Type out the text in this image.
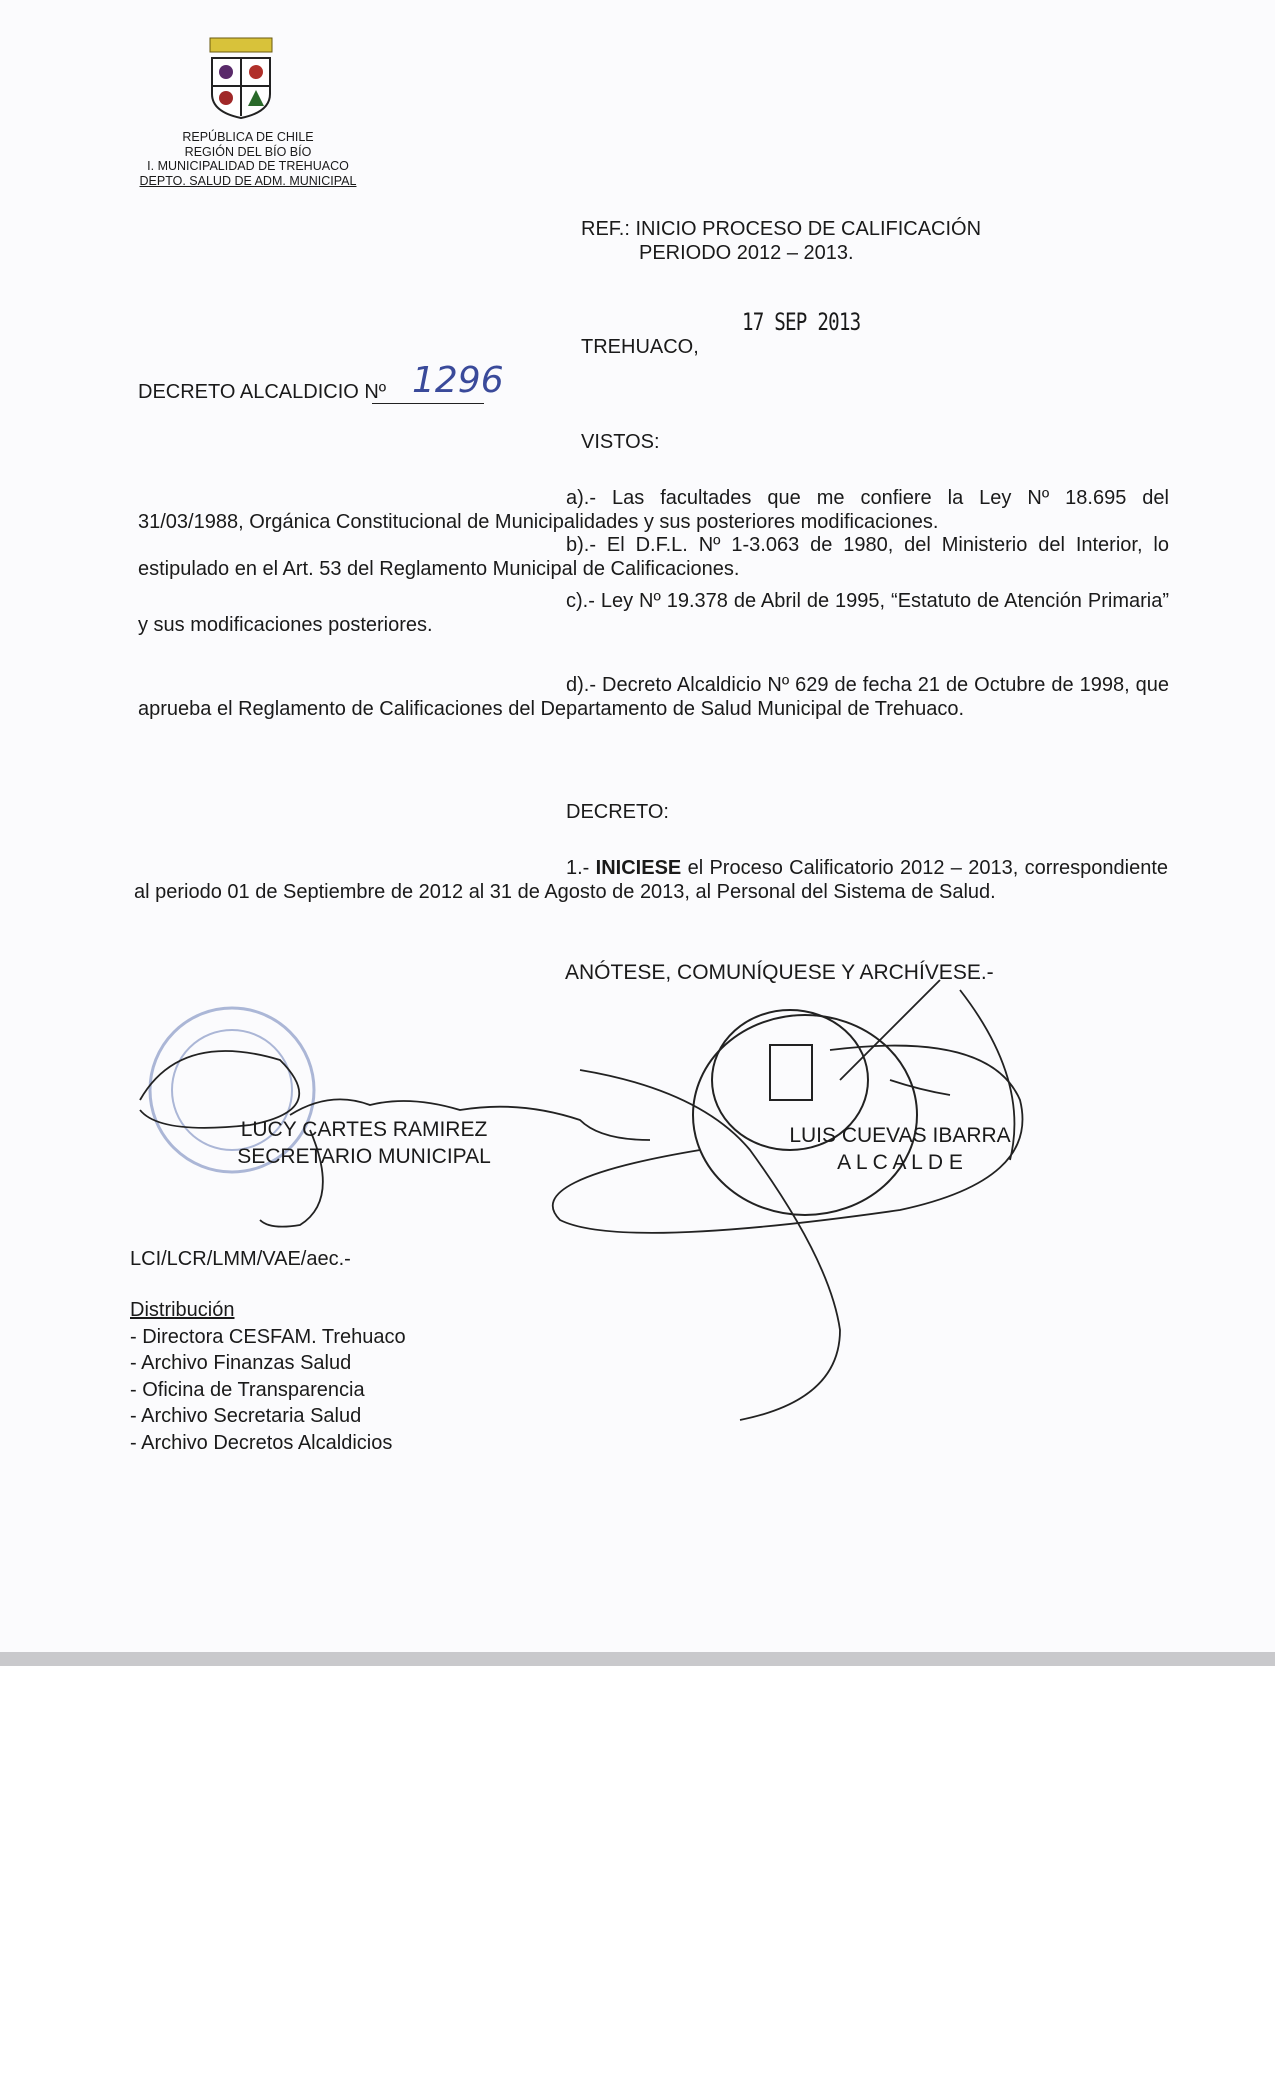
REPÚBLICA DE CHILE
REGIÓN DEL BÍO BÍO
I. MUNICIPALIDAD DE TREHUACO
DEPTO. SALUD DE ADM. MUNICIPAL
REF.: INICIO PROCESO DE CALIFICACIÓN
PERIODO 2012 – 2013.
17 SEP 2013
TREHUACO,
DECRETO ALCALDICIO Nº 1296
VISTOS:
a).- Las facultades que me confiere la Ley Nº 18.695 del 31/03/1988, Orgánica Constitucional de Municipalidades y sus posteriores modificaciones.
b).- El D.F.L. Nº 1-3.063 de 1980, del Ministerio del Interior, lo estipulado en el Art. 53 del Reglamento Municipal de Calificaciones.
c).- Ley Nº 19.378 de Abril de 1995, “Estatuto de Atención Primaria” y sus modificaciones posteriores.
d).- Decreto Alcaldicio Nº 629 de fecha 21 de Octubre de 1998, que aprueba el Reglamento de Calificaciones del Departamento de Salud Municipal de Trehuaco.
DECRETO:
1.- INICIESE el Proceso Calificatorio 2012 – 2013, correspondiente al periodo 01 de Septiembre de 2012 al 31 de Agosto de 2013, al Personal del Sistema de Salud.
ANÓTESE, COMUNÍQUESE Y ARCHÍVESE.-
LUCY CARTES RAMIREZ
SECRETARIO MUNICIPAL
LUIS CUEVAS IBARRA
A L C A L D E
LCI/LCR/LMM/VAE/aec.-
Distribución
- Directora CESFAM. Trehuaco
- Archivo Finanzas Salud
- Oficina de Transparencia
- Archivo Secretaria Salud
- Archivo Decretos Alcaldicios
